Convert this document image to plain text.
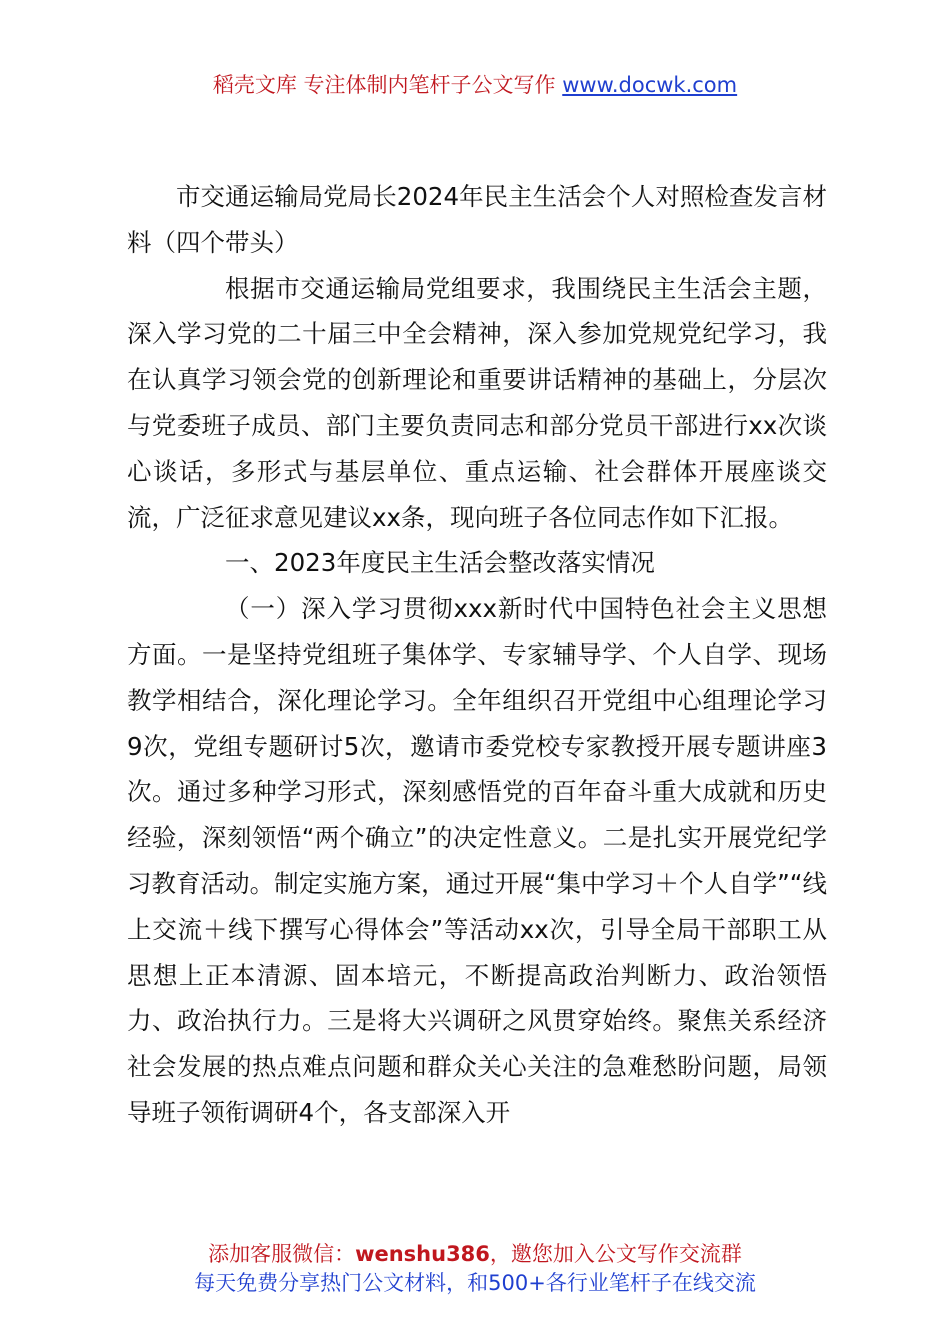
稻壳文库 专注体制内笔杆子公文写作 www.docwk.com

市交通运输局党局长2024年民主生活会个人对照检查发言材料（四个带头）

根据市交通运输局党组要求，我围绕民主生活会主题，深入学习党的二十届三中全会精神，深入参加党规党纪学习，我在认真学习领会党的创新理论和重要讲话精神的基础上，分层次与党委班子成员、部门主要负责同志和部分党员干部进行xx次谈心谈话，多形式与基层单位、重点运输、社会群体开展座谈交流，广泛征求意见建议xx条，现向班子各位同志作如下汇报。

一、2023年度民主生活会整改落实情况

（一）深入学习贯彻xxx新时代中国特色社会主义思想方面。一是坚持党组班子集体学、专家辅导学、个人自学、现场教学相结合，深化理论学习。全年组织召开党组中心组理论学习9次，党组专题研讨5次，邀请市委党校专家教授开展专题讲座3次。通过多种学习形式，深刻感悟党的百年奋斗重大成就和历史经验，深刻领悟“两个确立”的决定性意义。二是扎实开展党纪学习教育活动。制定实施方案，通过开展“集中学习＋个人自学”“线上交流＋线下撰写心得体会”等活动xx次，引导全局干部职工从思想上正本清源、固本培元，不断提高政治判断力、政治领悟力、政治执行力。三是将大兴调研之风贯穿始终。聚焦关系经济社会发展的热点难点问题和群众关心关注的急难愁盼问题，局领导班子领衔调研4个，各支部深入开

添加客服微信：wenshu386，邀您加入公文写作交流群
每天免费分享热门公文材料，和500+各行业笔杆子在线交流
